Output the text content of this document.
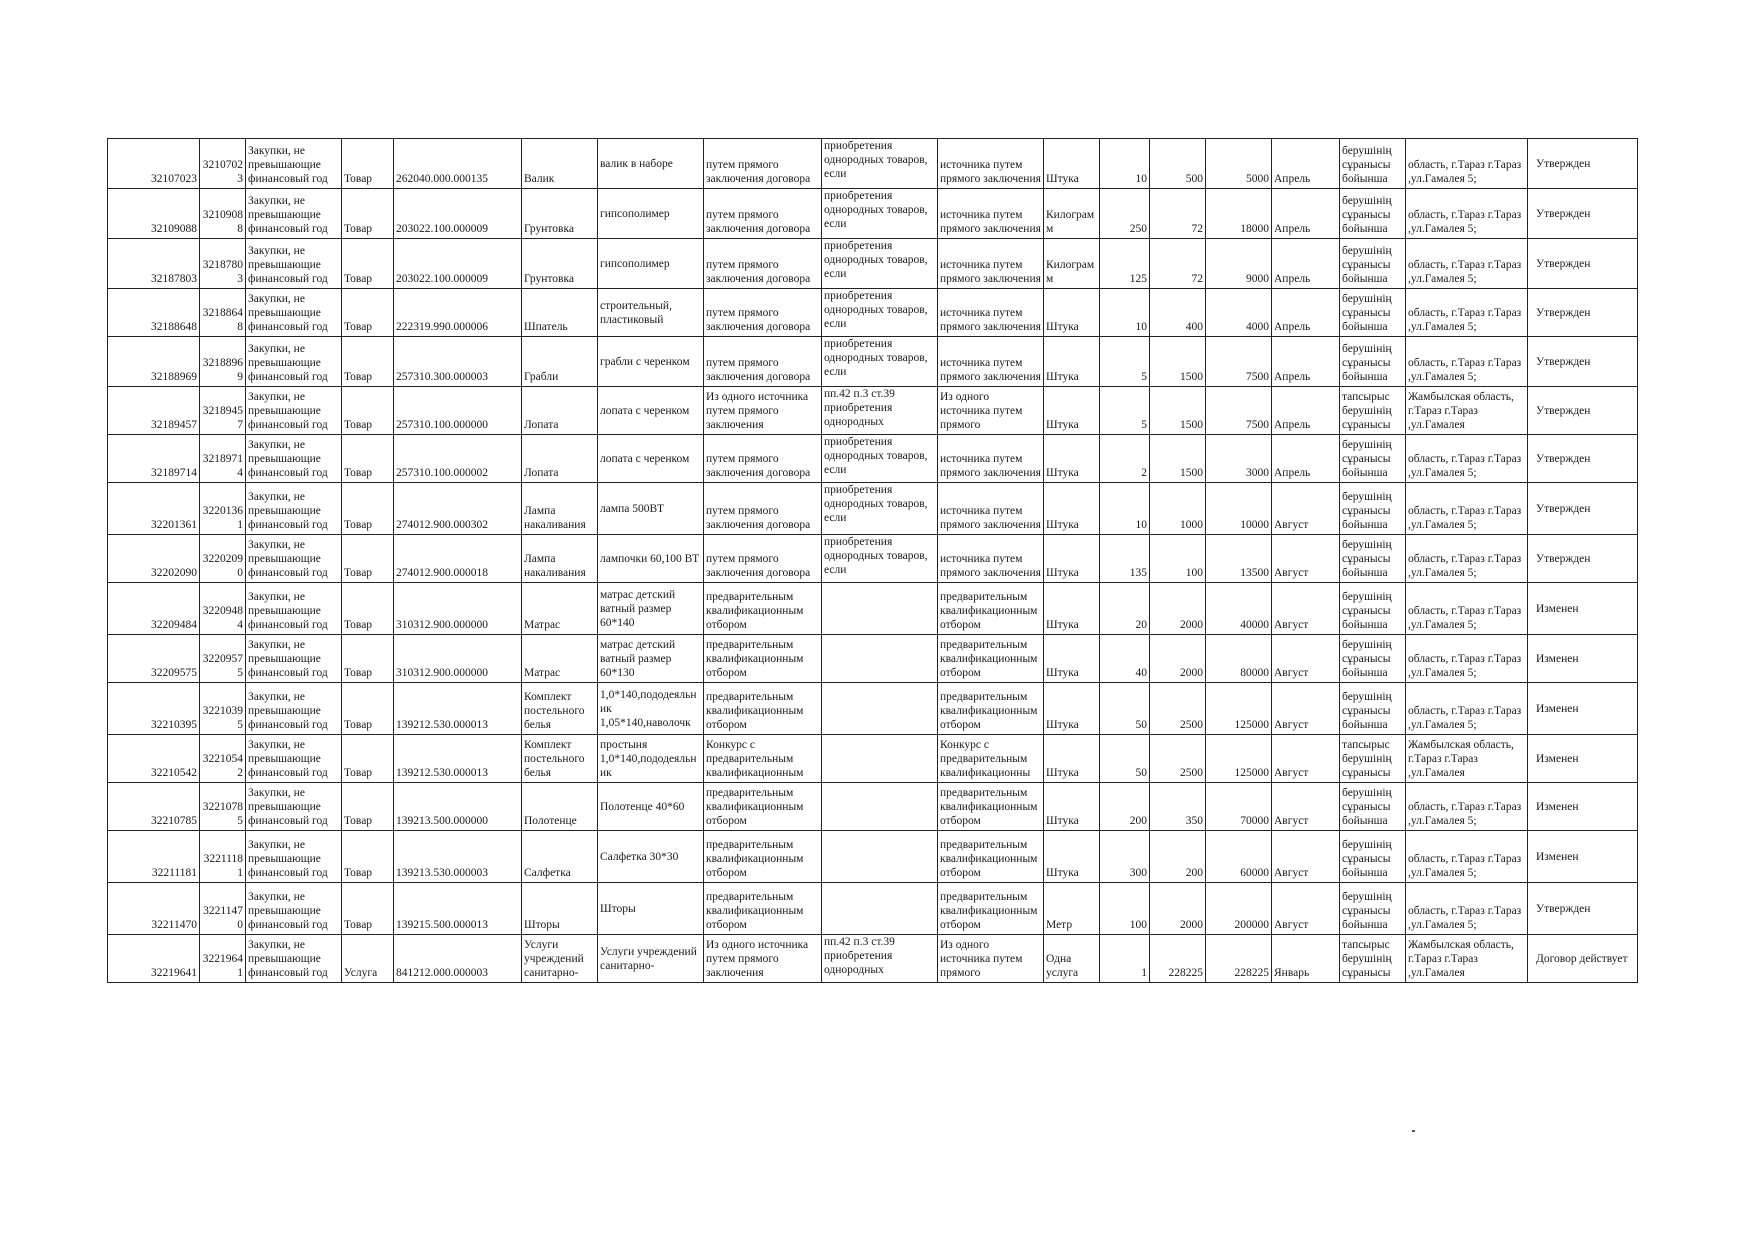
32107023	32107023	Закупки, не превышающие финансовый год	Товар	262040.000.000135	Валик	валик в наборе	путем прямого заключения договора	приобретения однородных товаров, если	источника путем прямого заключения	Штука	10	500	5000	Апрель	берушінің сұранысы бойынша	область, г.Тараз г.Тараз ,ул.Гамалея 5;	Утвержден
32109088	32109088	Закупки, не превышающие финансовый год	Товар	203022.100.000009	Грунтовка	гипсополимер	путем прямого заключения договора	приобретения однородных товаров, если	источника путем прямого заключения	Килограмм	250	72	18000	Апрель	берушінің сұранысы бойынша	область, г.Тараз г.Тараз ,ул.Гамалея 5;	Утвержден
32187803	32187803	Закупки, не превышающие финансовый год	Товар	203022.100.000009	Грунтовка	гипсополимер	путем прямого заключения договора	приобретения однородных товаров, если	источника путем прямого заключения	Килограмм	125	72	9000	Апрель	берушінің сұранысы бойынша	область, г.Тараз г.Тараз ,ул.Гамалея 5;	Утвержден
32188648	32188648	Закупки, не превышающие финансовый год	Товар	222319.990.000006	Шпатель	строительный, пластиковый	путем прямого заключения договора	приобретения однородных товаров, если	источника путем прямого заключения	Штука	10	400	4000	Апрель	берушінің сұранысы бойынша	область, г.Тараз г.Тараз ,ул.Гамалея 5;	Утвержден
32188969	32188969	Закупки, не превышающие финансовый год	Товар	257310.300.000003	Грабли	грабли с черенком	путем прямого заключения договора	приобретения однородных товаров, если	источника путем прямого заключения	Штука	5	1500	7500	Апрель	берушінің сұранысы бойынша	область, г.Тараз г.Тараз ,ул.Гамалея 5;	Утвержден
32189457	32189457	Закупки, не превышающие финансовый год	Товар	257310.100.000000	Лопата	лопата с черенком	Из одного источника путем прямого заключения	пп.42 п.3 ст.39 приобретения однородных	Из одного источника путем прямого	Штука	5	1500	7500	Апрель	тапсырыс берушінің сұранысы	Жамбылская область, г.Тараз г.Тараз ,ул.Гамалея	Утвержден
32189714	32189714	Закупки, не превышающие финансовый год	Товар	257310.100.000002	Лопата	лопата с черенком	путем прямого заключения договора	приобретения однородных товаров, если	источника путем прямого заключения	Штука	2	1500	3000	Апрель	берушінің сұранысы бойынша	область, г.Тараз г.Тараз ,ул.Гамалея 5;	Утвержден
32201361	32201361	Закупки, не превышающие финансовый год	Товар	274012.900.000302	Лампа накаливания	лампа 500ВТ	путем прямого заключения договора	приобретения однородных товаров, если	источника путем прямого заключения	Штука	10	1000	10000	Август	берушінің сұранысы бойынша	область, г.Тараз г.Тараз ,ул.Гамалея 5;	Утвержден
32202090	32202090	Закупки, не превышающие финансовый год	Товар	274012.900.000018	Лампа накаливания	лампочки 60,100 ВТ	путем прямого заключения договора	приобретения однородных товаров, если	источника путем прямого заключения	Штука	135	100	13500	Август	берушінің сұранысы бойынша	область, г.Тараз г.Тараз ,ул.Гамалея 5;	Утвержден
32209484	32209484	Закупки, не превышающие финансовый год	Товар	310312.900.000000	Матрас	матрас детский ватный размер 60*140	предварительным квалификационным отбором		предварительным квалификационным отбором	Штука	20	2000	40000	Август	берушінің сұранысы бойынша	область, г.Тараз г.Тараз ,ул.Гамалея 5;	Изменен
32209575	32209575	Закупки, не превышающие финансовый год	Товар	310312.900.000000	Матрас	матрас детский ватный размер 60*130	предварительным квалификационным отбором		предварительным квалификационным отбором	Штука	40	2000	80000	Август	берушінің сұранысы бойынша	область, г.Тараз г.Тараз ,ул.Гамалея 5;	Изменен
32210395	32210395	Закупки, не превышающие финансовый год	Товар	139212.530.000013	Комплект постельного белья	1,0*140,пододеяльник 1,05*140,наволочк	предварительным квалификационным отбором		предварительным квалификационным отбором	Штука	50	2500	125000	Август	берушінің сұранысы бойынша	область, г.Тараз г.Тараз ,ул.Гамалея 5;	Изменен
32210542	32210542	Закупки, не превышающие финансовый год	Товар	139212.530.000013	Комплект постельного белья	простыня 1,0*140,пододеяльник	Конкурс с предварительным квалификационным		Конкурс с предварительным квалификационны	Штука	50	2500	125000	Август	тапсырыс берушінің сұранысы	Жамбылская область, г.Тараз г.Тараз ,ул.Гамалея	Изменен
32210785	32210785	Закупки, не превышающие финансовый год	Товар	139213.500.000000	Полотенце	Полотенце 40*60	предварительным квалификационным отбором		предварительным квалификационным отбором	Штука	200	350	70000	Август	берушінің сұранысы бойынша	область, г.Тараз г.Тараз ,ул.Гамалея 5;	Изменен
32211181	32211181	Закупки, не превышающие финансовый год	Товар	139213.530.000003	Салфетка	Салфетка 30*30	предварительным квалификационным отбором		предварительным квалификационным отбором	Штука	300	200	60000	Август	берушінің сұранысы бойынша	область, г.Тараз г.Тараз ,ул.Гамалея 5;	Изменен
32211470	32211470	Закупки, не превышающие финансовый год	Товар	139215.500.000013	Шторы	Шторы	предварительным квалификационным отбором		предварительным квалификационным отбором	Метр	100	2000	200000	Август	берушінің сұранысы бойынша	область, г.Тараз г.Тараз ,ул.Гамалея 5;	Утвержден
32219641	32219641	Закупки, не превышающие финансовый год	Услуга	841212.000.000003	Услуги учреждений санитарно-	Услуги учреждений санитарно-	Из одного источника путем прямого заключения	пп.42 п.3 ст.39 приобретения однородных	Из одного источника путем прямого	Одна услуга	1	228225	228225	Январь	тапсырыс берушінің сұранысы	Жамбылская область, г.Тараз г.Тараз ,ул.Гамалея	Договор действует
